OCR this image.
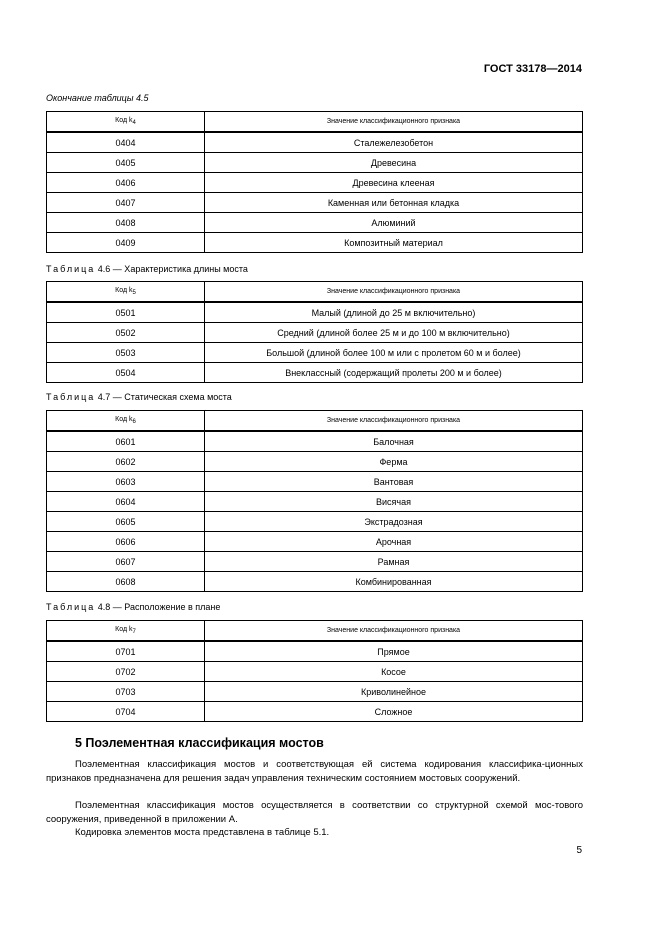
ГОСТ 33178—2014
Окончание таблицы 4.5
Код k4	Значение классификационного признака
0404	Сталежелезобетон
0405	Древесина
0406	Древесина клееная
0407	Каменная или бетонная кладка
0408	Алюминий
0409	Композитный материал
Таблица 4.6 — Характеристика длины моста
Код k5	Значение классификационного признака
0501	Малый (длиной до 25 м включительно)
0502	Средний (длиной более 25 м и до 100 м включительно)
0503	Большой (длиной более 100 м или с пролетом 60 м и более)
0504	Внеклассный (содержащий пролеты 200 м и более)
Таблица 4.7 — Статическая схема моста
Код k6	Значение классификационного признака
0601	Балочная
0602	Ферма
0603	Вантовая
0604	Висячая
0605	Экстрадозная
0606	Арочная
0607	Рамная
0608	Комбинированная
Таблица 4.8 — Расположение в плане
Код k7	Значение классификационного признака
0701	Прямое
0702	Косое
0703	Криволинейное
0704	Сложное
5 Поэлементная классификация мостов
Поэлементная классификация мостов и соответствующая ей система кодирования классифика-ционных признаков предназначена для решения задач управления техническим состоянием мостовых сооружений.
Поэлементная классификация мостов осуществляется в соответствии со структурной схемой мос-тового сооружения, приведенной в приложении А.
Кодировка элементов моста представлена в таблице 5.1.
5
